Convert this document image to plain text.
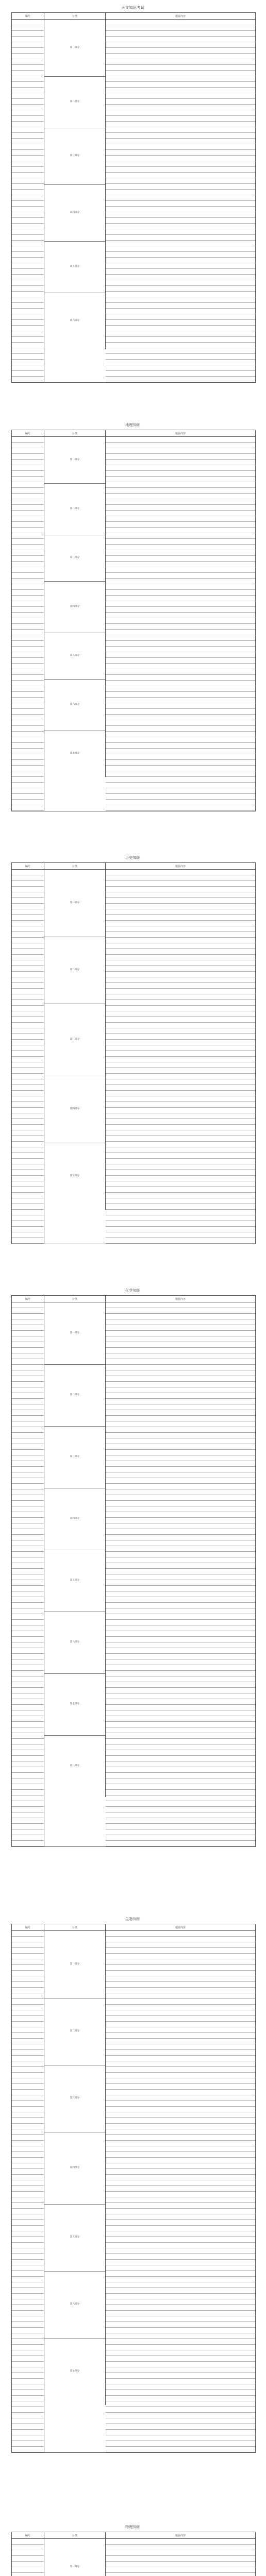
天文知识考试
编号	分类	题目内容
第一部分
第二部分
第三部分
第四部分
第五部分
第六部分
地理知识
编号	分类	题目内容
第一部分
第二部分
第三部分
第四部分
第五部分
第六部分
第七部分
历史知识
编号	分类	题目内容
第一部分
第二部分
第三部分
第四部分
第五部分
化学知识
编号	分类	题目内容
第一部分
第二部分
第三部分
第四部分
第五部分
第六部分
第七部分
第八部分
生物知识
编号	分类	题目内容
第一部分
第二部分
第三部分
第四部分
第五部分
第六部分
第七部分
物理知识
编号	分类	题目内容
第一部分
